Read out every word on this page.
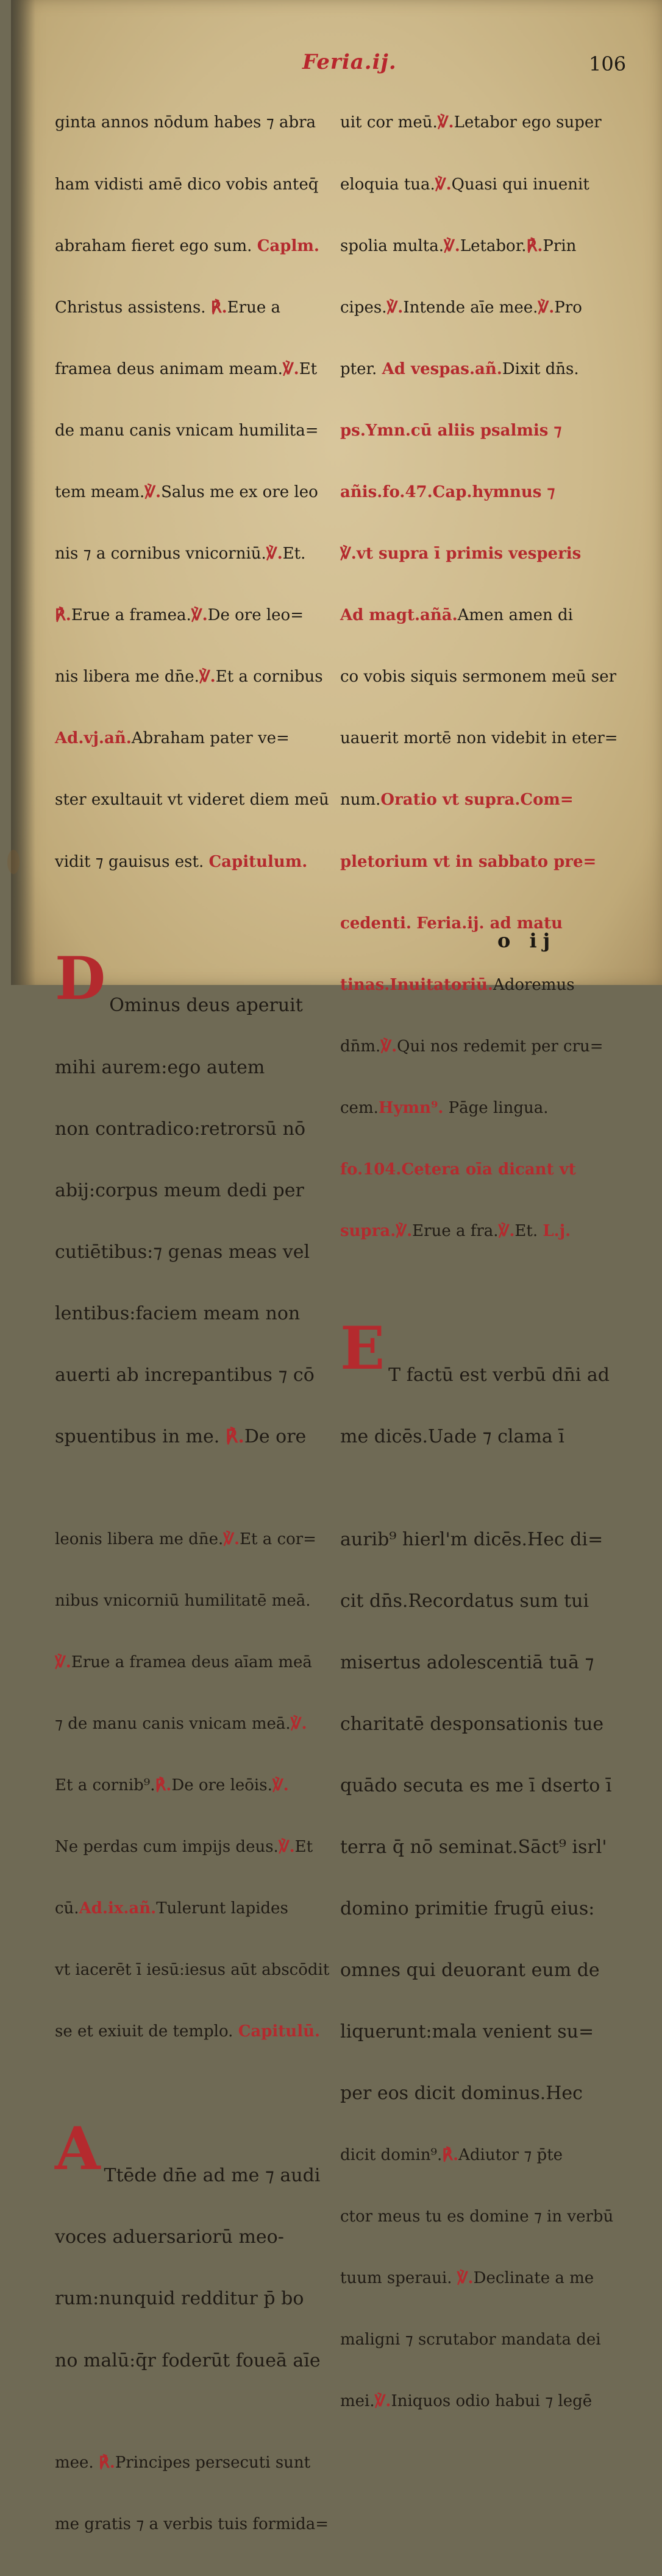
Feria.ij.	106

ginta annos nōdum habes ⁊ abra

ham vidisti amē dico vobis anteq̄

abraham fieret ego sum. Caplm.

Christus assistens. ℟.Erue a

framea deus animam meam.℣.Et

de manu canis vnicam humilita=

tem meam.℣.Salus me ex ore leo

nis ⁊ a cornibus vnicorniū.℣.Et.

℟.Erue a framea.℣.De ore leo=

nis libera me dn̄e.℣.Et a cornibus

Ad.vj.añ.Abraham pater ve=

ster exultauit vt videret diem meū

vidit ⁊ gauisus est. Capitulum.

D

Ominus deus aperuit

mihi aurem:ego autem

non contradico:retrorsū nō

abij:corpus meum dedi per

cutiētibus:⁊ genas meas vel

lentibus:faciem meam non

auerti ab increpantibus ⁊ cō

spuentibus in me. ℟.De ore

leonis libera me dn̄e.℣.Et a cor=

nibus vnicorniū humilitatē meā.

℣.Erue a framea deus aīam meā

⁊ de manu canis vnicam meā.℣.

Et a cornib⁹.℟.De ore leōis.℣.

Ne perdas cum impijs deus.℣.Et

cū.Ad.ix.añ.Tulerunt lapides

vt iacerēt ī iesū:iesus aūt abscōdit

se et exiuit de templo. Capitulū.

A

Ttēde dn̄e ad me ⁊ audi

voces aduersariorū meo-

rum:nunquid redditur p̄ bo

no malū:q̄r foderūt foueā aīe

mee. ℟.Principes persecuti sunt

me gratis ⁊ a verbis tuis formida=

uit cor meū.℣.Letabor ego super

eloquia tua.℣.Quasi qui inuenit

spolia multa.℣.Letabor.℟.Prin

cipes.℣.Intende aīe mee.℣.Pro

pter. Ad vespas.añ.Dixit dn̄s.

ps.Ymn.cū aliis psalmis ⁊

añis.fo.47.Cap.hymnus ⁊

℣.vt supra ī primis vesperis

Ad magt.añā.Amen amen di

co vobis siquis sermonem meū ser

uauerit mortē non videbit in eter=

num.Oratio vt supra.Com=

pletorium vt in sabbato pre=

cedenti. Feria.ij. ad matu

tinas.Inuitatoriū.Adoremus

dn̄m.℣.Qui nos redemit per cru=

cem.Hymn⁹. Pāge lingua.

fo.104.Cetera oīa dicant vt

supra.℣.Erue a fra.℣.Et. L.j.

E

T factū est verbū dn̄i ad

me dicēs.Uade ⁊ clama ī

aurib⁹ hierl'm dicēs.Hec di=

cit dn̄s.Recordatus sum tui

misertus adolescentiā tuā ⁊

charitatē desponsationis tue

quādo secuta es me ī dserto ī

terra q̄ nō seminat.Sāct⁹ isrl'

domino primitie frugū eius:

omnes qui deuorant eum de

liquerunt:mala venient su=

per eos dicit dominus.Hec

dicit domin⁹.℟.Adiutor ⁊ p̄te

ctor meus tu es domine ⁊ in verbū

tuum speraui. ℣.Declinate a me

maligni ⁊ scrutabor mandata dei

mei.℣.Iniquos odio habui ⁊ legē

o ij
